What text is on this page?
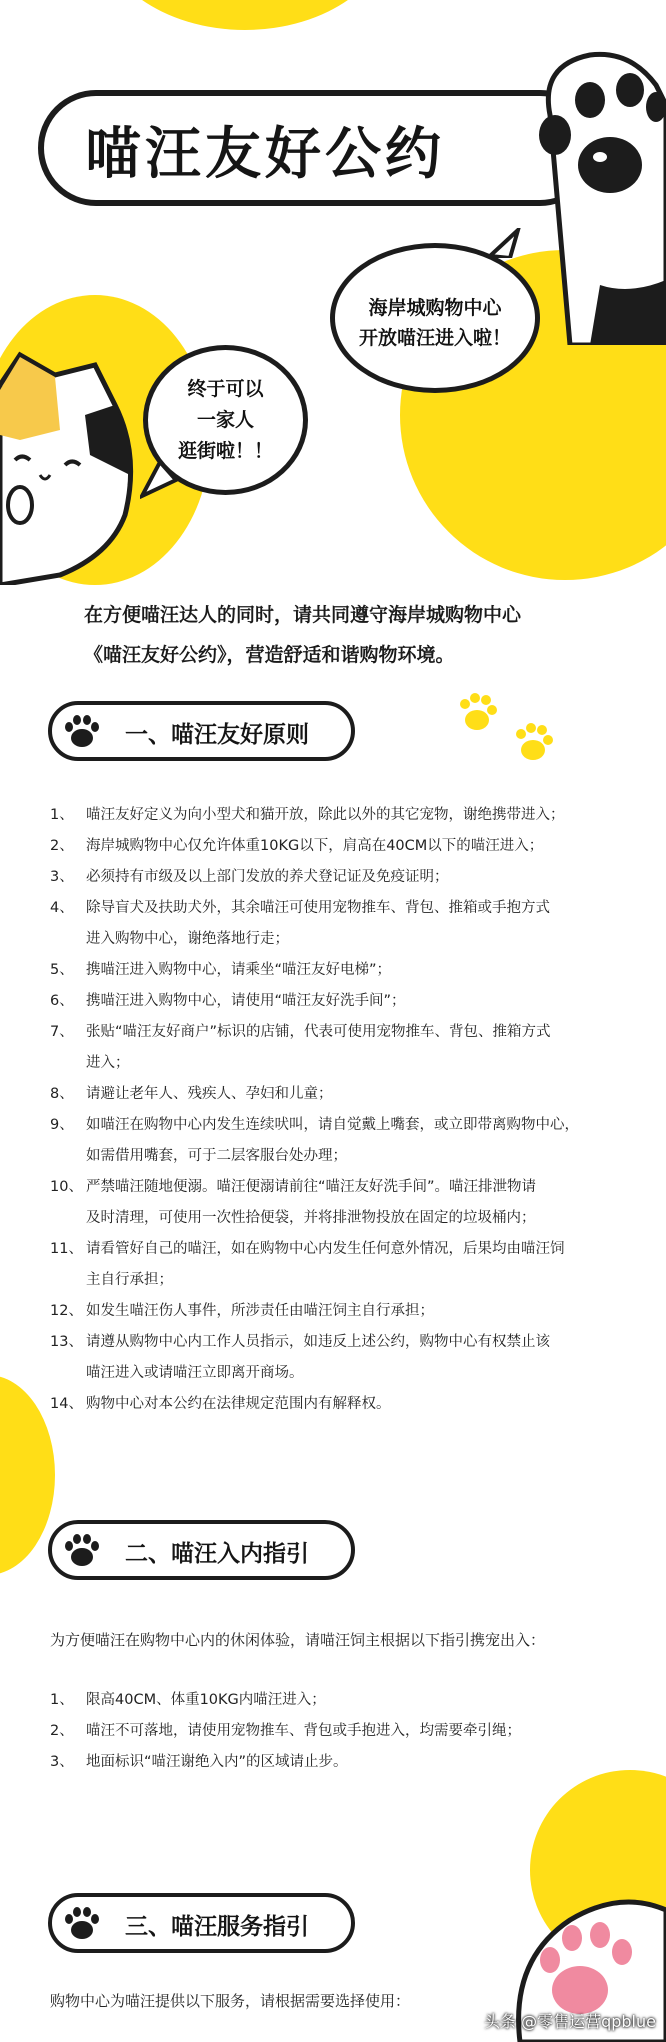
喵汪友好公约
海岸城购物中心
开放喵汪进入啦！
终于可以
一家人
逛街啦！！
在方便喵汪达人的同时，请共同遵守海岸城购物中心
《喵汪友好公约》，营造舒适和谐购物环境。
一、喵汪友好原则
1、 喵汪友好定义为向小型犬和猫开放，除此以外的其它宠物，谢绝携带进入；
2、 海岸城购物中心仅允许体重10KG以下，肩高在40CM以下的喵汪进入；
3、 必须持有市级及以上部门发放的养犬登记证及免疫证明；
4、 除导盲犬及扶助犬外，其余喵汪可使用宠物推车、背包、推箱或手抱方式
进入购物中心，谢绝落地行走；
5、 携喵汪进入购物中心，请乘坐“喵汪友好电梯”；
6、 携喵汪进入购物中心，请使用“喵汪友好洗手间”；
7、 张贴“喵汪友好商户”标识的店铺，代表可使用宠物推车、背包、推箱方式
进入；
8、 请避让老年人、残疾人、孕妇和儿童；
9、 如喵汪在购物中心内发生连续吠叫，请自觉戴上嘴套，或立即带离购物中心，
如需借用嘴套，可于二层客服台处办理；
10、 严禁喵汪随地便溺。喵汪便溺请前往“喵汪友好洗手间”。喵汪排泄物请
及时清理，可使用一次性拾便袋，并将排泄物投放在固定的垃圾桶内；
11、 请看管好自己的喵汪，如在购物中心内发生任何意外情况，后果均由喵汪饲
主自行承担；
12、 如发生喵汪伤人事件，所涉责任由喵汪饲主自行承担；
13、 请遵从购物中心内工作人员指示，如违反上述公约，购物中心有权禁止该
喵汪进入或请喵汪立即离开商场。
14、 购物中心对本公约在法律规定范围内有解释权。
二、喵汪入内指引
为方便喵汪在购物中心内的休闲体验，请喵汪饲主根据以下指引携宠出入：
1、 限高40CM、体重10KG内喵汪进入；
2、 喵汪不可落地，请使用宠物推车、背包或手抱进入，均需要牵引绳；
3、 地面标识“喵汪谢绝入内”的区域请止步。
三、喵汪服务指引
购物中心为喵汪提供以下服务，请根据需要选择使用：
头条 @零售运营qpblue
